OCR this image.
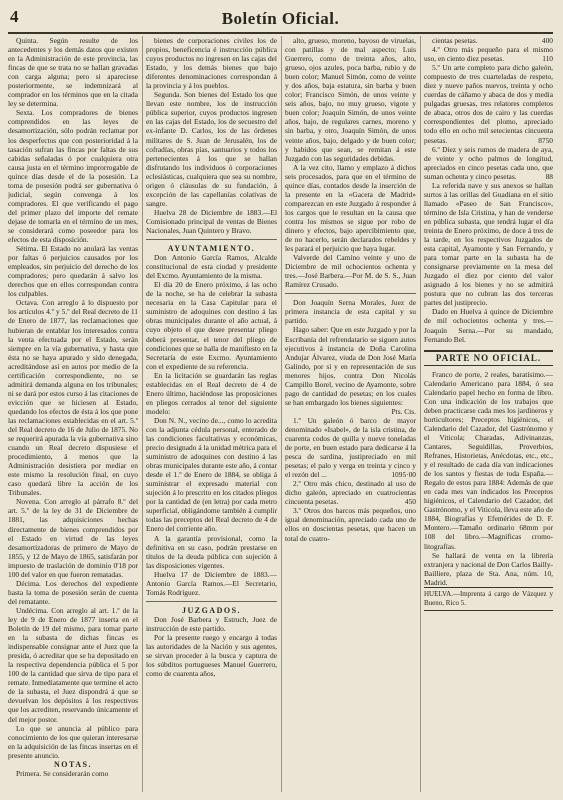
4	Boletín Oficial.

Quinta. Según resulte de los antecedentes y los demás datos que existen en la Administración de este provincia, las fincas de que se trata no se hallan gravadas con carga alguna; pero si apareciese posteriormente, se indemnizará al comprador en los términos que en la citada ley se determina.

Sexta. Los compradores de bienes comprendidos en las leyes de desamortización, sólo podrán reclamar por los desperfectos que con posterioridad á la tasación sufran las fincas por faltas de sus cabidas señaladas ó por cualquiera otra causa justa en el término improrrogable de quince días desde el de la posesión. La toma de posesión podrá ser gubernativa ó judicial, según convenga á los compradores. El que verificando el pago del primer plazo del importe del remate dejase de tomarla en el término de un mes, se considerará como poseedor para los efectos de esta disposición.

Sétima. El Estado no anulará las ventas por faltas ó perjuicios causados por los empleados, sin perjuicio del derecho de los compradores; pero quedarán á salvo los derechos que en ellos correspondan contra los culpables.

Octava. Con arreglo á lo dispuesto por los artículos 4.º y 5.º del Real decreto de 11 de Enero de 1877, las reclamaciones que hubieran de entablar los interesados contra la venta efectuada por el Estado, serán siempre en la vía gubernativa, y hasta que ésta no se haya apurado y sido denegada, acreditándose así en autos por medio de la certificación correspondiente, no se admitirá demanda alguna en los tribunales; ni se dará por estos curso á las citaciones de evicción que se hiciesen al Estado, quedando los efectos de ésta á los que pone las reclamaciones establecidas en el art. 5.º del Real decreto de 16 de Julio de 1875. No se requerirá apurada la vía gubernativa sino cuando un Real decreto dispusiese el procedimiento, á menos que la Administración desistiera por mediar en este mismo la resolución final, en cuyo caso quedará libre la acción de los Tribunales.

Novena. Con arreglo al párrafo 8.º del art. 5.º de la ley de 31 de Diciembre de 1881, las adquisiciones hechas directamente de bienes comprendidos por el Estado en virtud de las leyes desamortizadoras de primero de Mayo de 1855, y 12 de Mayo de 1865, satisfarán por impuesto de traslación de dominio 0'18 por 100 del valor en que fueron rematadas.

Décima. Los derechos del expediente hasta la toma de posesión serán de cuenta del rematante.

Undécima. Con arreglo al art. 1.º de la ley de 9 de Enero de 1877 inserta en el Boletín de 19 del mismo, para tomar parte en la subasta de dichas fincas es indispensable consignar ante el Juez que la presida, ó acreditar que se ha depositado en la respectiva dependencia pública el 5 por 100 de la cantidad que sirva de tipo para el remate. Inmediatamente que termine el acto de la subasta, el Juez dispondrá á que se devuelvan los depósitos á los respectivos que los acrediten, reservando únicamente el del mejor postor.

Lo que se anuncia al público para conocimiento de los que quieran interesarse en la adquisición de las fincas insertas en el presente anuncio.

NOTAS.

Primera. Se considerarán como

bienes de corporaciones civiles los de propios, beneficencia é instrucción pública cuyos productos no ingresen en las cajas del Estado, y los demás bienes que bajo diferentes denominaciones correspondan á la provincia y á los pueblos.

Segunda. Son bienes del Estado los que llevan este nombre, los de instrucción pública superior, cuyos productos ingresen en las cajas del Estado, los de secuestro del ex-infante D. Carlos, los de las órdenes militares de S. Juan de Jerusalén, los de cofradías, obras pías, santuarios y todos los pertenecientes á los que se hallan disfrutando los individuos ó corporaciones eclesiásticas, cualquiera que sea su nombre, origen ó cláusulas de su fundación, á excepción de las capellanías colativas de sangre.

Huelva 28 de Diciembre de 1883.—El Comisionado principal de ventas de Bienes Nacionales, Juan Quintero y Bravo.

AYUNTAMIENTO.

Don Antonio García Ramos, Alcalde constitucional de esta ciudad y presidente del Excmo. Ayuntamiento de la misma.

El día 20 de Enero próximo, á las ocho de la noche, se ha de celebrar la subasta necesaria en la Casa Capitular para el suministro de adoquines con destino á las obras municipales durante el año actual, á cuyo objeto el que desee presentar pliego deberá presentar, el tenor del pliego de condiciones que se halla de manifiesto en la Secretaría de este Excmo. Ayuntamiento con el expediente de su referencia.

En la licitación se guardarán las reglas establecidas en el Real decreto de 4 de Enero último, haciéndose las proposiciones en pliegos cerrados al tenor del siguiente modelo:

Don N. N., vecino de..., como lo acredita con la adjunta cédula personal, enterado de las condiciones facultativas y económicas, precio designado á la unidad métrica para el suministro de adoquines con destino á las obras municipales durante este año, á contar desde el 1.º de Enero de 1884, se obliga á suministrar el expresado material con sujeción á lo prescrito en los citados pliegos por la cantidad de (en letra) por cada metro superficial, obligándome también á cumplir todas las preceptos del Real decreto de 4 de Enero del corriente año.

A la garantía provisional, como la definitiva en su caso, podrán prestarse en títulos de la deuda pública con sujeción á las disposiciones vigentes.

Huelva 17 de Diciembre de 1883.—Antonio García Ramos.—El Secretario, Tomás Rodríguez.

JUZGADOS.

Don José Barbera y Estruch, Juez de instrucción de este partido.

Por la presente ruego y encargo á todas las autoridades de la Nación y sus agentes, se sirvan proceder á la busca y captura de los súbditos portugueses Manuel Guerrero, como de cuarenta años,

alto, grueso, moreno, bayoso de viruelas, con patillas y de mal aspecto; Luis Guerrero, como de treinta años, alto, grueso, ojos azules, poca barba, rubio y de buen color; Manuel Simón, como de veinte y dos años, baja estatura, sin barba y buen color; Francisco Simón, de unos veinte y seis años, bajo, no muy grueso, vigote y buen color; Joaquín Simón, de unos veinte años, bajo, de regulares carnes, moreno y sin barba, y otro, Joaquín Simón, de unos veinte años, bajo, delgado y de buen color; y habidos que sean, se remitan á este Juzgado con las seguridades debidas.

A la vez cito, llamo y emplazo á dichos seis procesados, para que en el término de quince días, contados desde la inserción de la presente en la «Gaceta de Madrid» comparezcan en este Juzgado á responder á los cargos que le resultan en la causa que contra los mismos se sigue por robo de dinero y efectos, bajo apercibimiento que, de no hacerlo, serán declarados rebeldes y les parará el perjuicio que haya lugar.

Valverde del Camino veinte y uno de Diciembre de mil ochocientos ochenta y tres.—José Barbera.—Por M. de S. S., Juan Ramírez Crusado.

Don Joaquín Serna Morales, Juez de primera instancia de esta capital y su partido.

Hago saber: Que en este Juzgado y por la Escribanía del refrendatario se siguen autos ejecutivos á instancia de Doña Carolina Andujar Álvarez, viuda de Don José María Galindo, por sí y en representación de sus menores hijos, contra Don Nicolás Campillo Borel, vecino de Ayamonte, sobre pago de cantidad de pesetas; en los cuales se han embargado los bienes siguientes:

Pts. Cts.

1.º Un galeón ó barco de mayor denominado «Isabel», de la isla cristina, de cuarenta codos de quilla y nueve toneladas de porte, en buen estado para dedicarse á la pesca de sardina, justipreciado en mil pesetas; el palo y verga en treinta y cinco y el rezón del ...	1095·00

2.º Otro más chico, destinado al uso de dicho galeón, apreciado en cuatrocientas cincuenta pesetas.	450

3.º Otros dos barcos más pequeños, uno igual denominación, apreciado cada uno de ellos en doscientas pesetas, que hacen un total de cuatro-

cientas pesetas.	400

4.º Otro más pequeño para el mismo uso, en ciento diez pesetas.	110

5.º Un arte completo para dicho galeón, compuesto de tres cuarteladas de respeto, diez y nueve paños nuevos, treinta y ocho cuerdas de cáñamo y abaca de dos y media pulgadas gruesas, tres relatores completos de abaca, otros dos de cairo y las cuerdas correspondientes del plomo, apreciado todo ello en ocho mil setecientas cincuenta pesetas.	8750

6.º Diez y seis rumos de madera de aya, de veinte y ocho palmos de longitud, apreciados en cinco pesetas cada uno, que suman ochenta y cinco pesetas.	88

La referida nave y sus anexos se hallan surtos á las orillas del Guadiana en el sitio llamado «Paseo de San Francisco», término de Isla Cristina, y han de venderse en pública subasta, que tendrá lugar el día treinta de Enero próximo, de doce á tres de la tarde, en los respectivos Juzgados de esta capital, Ayamonte y San Fernando, y para tomar parte en la subasta ha de consignarse previamente en la mesa del Juzgado el diez por ciento del valor asignado á los bienes y no se admitirá postura que no cubran las dos terceras partes del justiprecio.

Dado en Huelva á quince de Diciembre de mil ochocientos ochenta y tres.—Joaquín Serna.—Por su mandado, Fernando Bel.

PARTE NO OFICIAL.

Franco de porte, 2 reales, baratísimo.—Calendario Americano para 1884, ó sea Calendario papel hecho en forma de libro. Con una indicación de los trabajos que deben practicarse cada mes los jardineros y horticultores; Preceptos higiénicos, el Calendario del Cazador, del Gastrónomo y el Viticola; Charadas, Adivinanzas, Cantares, Seguidillas, Proverbios, Refranes, Historietas, Anécdotas, etc., etc., y el resultado de cada día van indicaciones de los santos y fiestas de toda España.—Regalo de estos para 1884: Además de que en cada mes van indicados los Preceptos higiénicos, el Calendario del Cazador, del Gastrónomo, y el Viticola, lleva este año de 1884, Biografías y Efemérides de D. F. Montero.—Tamaño ordinario 68mm por 108 del libro.—Magníficas cromo-litografías.

Se hallará de venta en la librería extranjera y nacional de Don Carlos Bailly-Bailliere, plaza de Sta. Ana, núm. 10, Madrid.

HUELVA.—Imprenta á cargo de Vázquez y Bueno, Rico 5.
